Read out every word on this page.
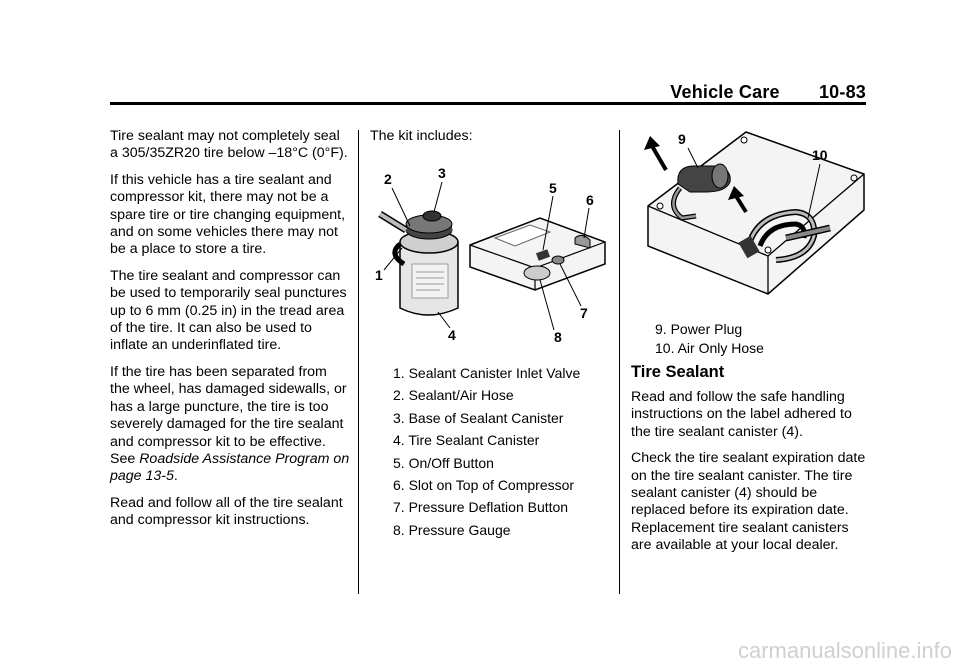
Vehicle Care 10-83

Tire sealant may not completely seal a 305/35ZR20 tire below –18°C (0°F).

If this vehicle has a tire sealant and compressor kit, there may not be a spare tire or tire changing equipment, and on some vehicles there may not be a place to store a tire.

The tire sealant and compressor can be used to temporarily seal punctures up to 6 mm (0.25 in) in the tread area of the tire. It can also be used to inflate an underinflated tire.

If the tire has been separated from the wheel, has damaged sidewalls, or has a large puncture, the tire is too severely damaged for the tire sealant and compressor kit to be effective. See Roadside Assistance Program on page 13-5.

Read and follow all of the tire sealant and compressor kit instructions.

The kit includes:

2	3
1
4
5
6
7
8
1. Sealant Canister Inlet Valve
2. Sealant/Air Hose
3. Base of Sealant Canister
4. Tire Sealant Canister
5. On/Off Button
6. Slot on Top of Compressor
7. Pressure Deflation Button
8. Pressure Gauge
9
10
9. Power Plug
10. Air Only Hose
Tire Sealant

Read and follow the safe handling instructions on the label adhered to the tire sealant canister (4).

Check the tire sealant expiration date on the tire sealant canister. The tire sealant canister (4) should be replaced before its expiration date. Replacement tire sealant canisters are available at your local dealer.

carmanualsonline.info
